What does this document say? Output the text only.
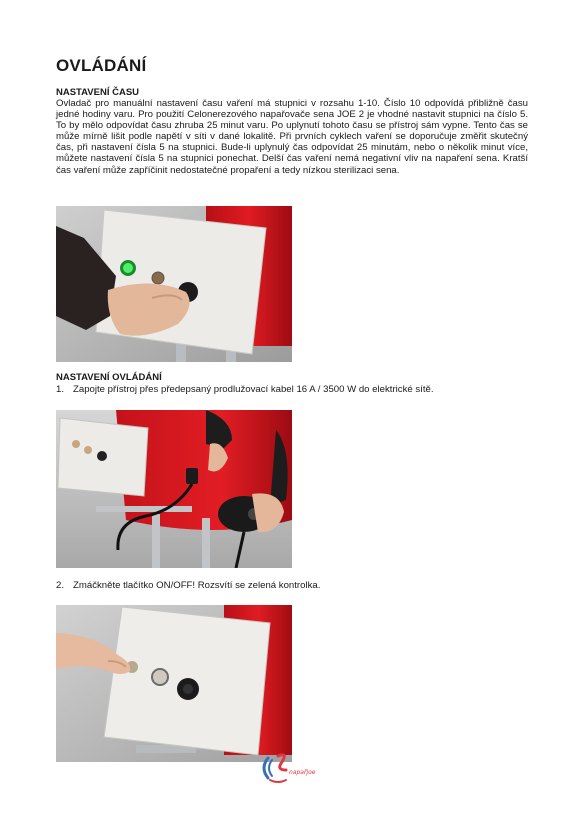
OVLÁDÁNÍ
NASTAVENÍ ČASU

Ovladač pro manuální nastavení času vaření má stupnici v rozsahu 1-10. Číslo 10 odpovídá přibližně času jedné hodiny varu. Pro použití Celonerezového napařovače sena JOE 2 je vhodné nastavit stupnici na číslo 5. To by mělo odpovídat času zhruba 25 minut varu. Po uplynutí tohoto času se přístroj sám vypne. Tento čas se může mírně lišit podle napětí v síti v dané lokalitě. Při prvních cyklech vaření se doporučuje změřit skutečný čas, při nastavení čísla 5 na stupnici. Bude-li uplynulý čas odpovídat 25 minutám, nebo o několik minut více, můžete nastavení čísla 5 na stupnici ponechat. Delší čas vaření nemá negativní vliv na napaření sena. Kratší čas vaření může zapříčinit nedostatečné propaření a tedy nízkou sterilizaci sena.

NASTAVENÍ OVLÁDÁNÍ
1. Zapojte přístroj přes předepsaný prodlužovací kabel 16 A / 3500 W do elektrické sítě.
2. Zmáčkněte tlačítko ON/OFF! Rozsvítí se zelená kontrolka.
napařjoe
